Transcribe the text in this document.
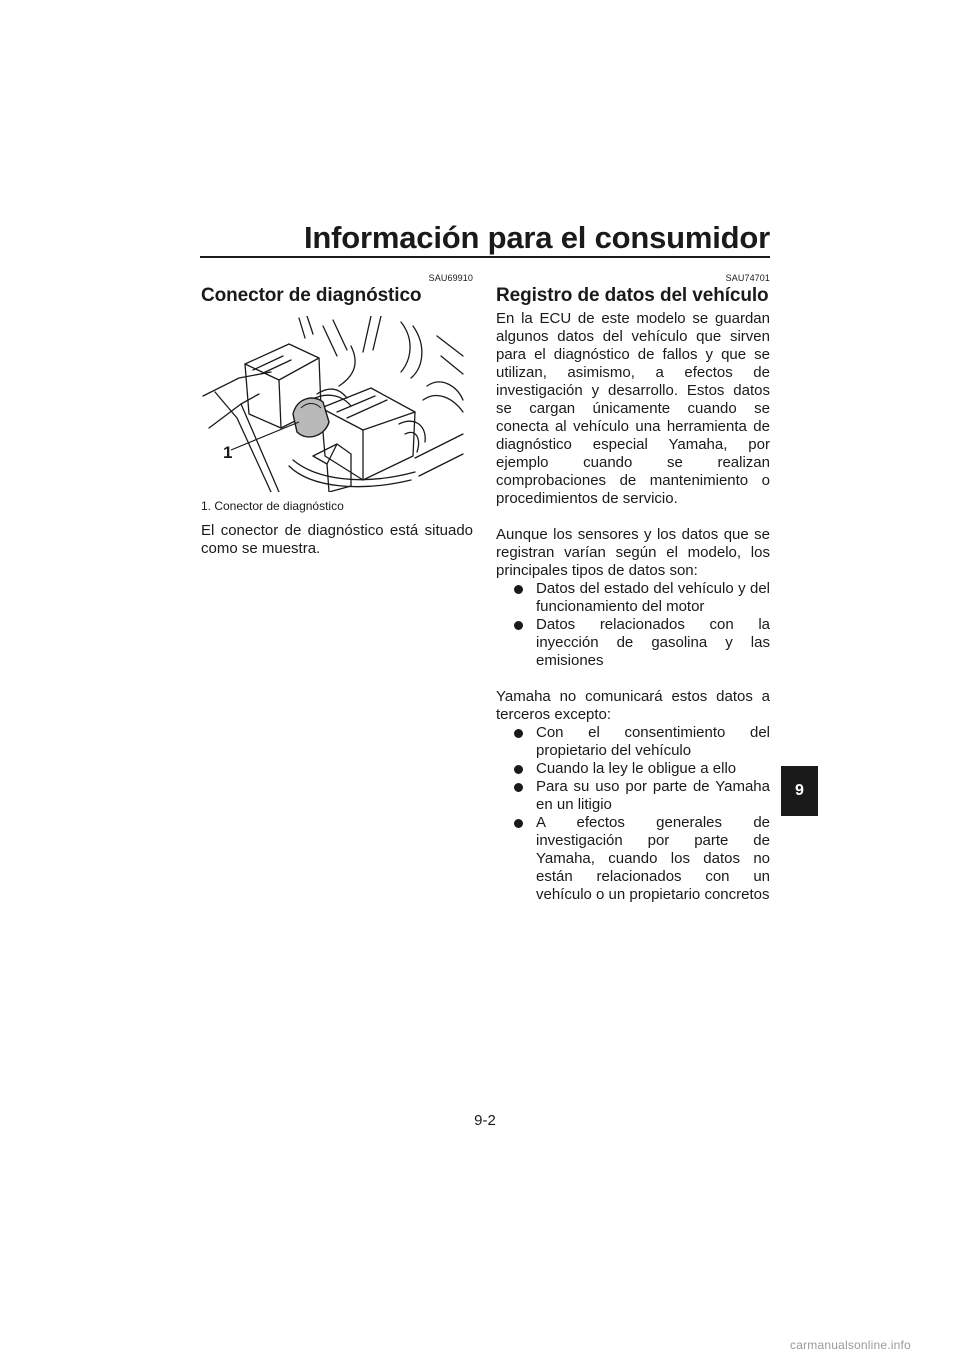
Información para el consumidor

SAU69910

Conector de diagnóstico
1

1. Conector de diagnóstico

El conector de diagnóstico está situado como se muestra.

SAU74701

Registro de datos del vehículo

En la ECU de este modelo se guardan algunos datos del vehículo que sirven para el diagnóstico de fallos y que se utilizan, asimismo, a efectos de investigación y desarrollo. Estos datos se cargan únicamente cuando se conecta al vehículo una herramienta de diagnóstico especial Yamaha, por ejemplo cuando se realizan comprobaciones de mantenimiento o procedimientos de servicio.

Aunque los sensores y los datos que se registran varían según el modelo, los principales tipos de datos son:

Datos del estado del vehículo y del funcionamiento del motor
Datos relacionados con la inyección de gasolina y las emisiones

Yamaha no comunicará estos datos a terceros excepto:

Con el consentimiento del propietario del vehículo
Cuando la ley le obligue a ello
Para su uso por parte de Yamaha en un litigio
A efectos generales de investigación por parte de Yamaha, cuando los datos no están relacionados con un vehículo o un propietario concretos
9
9-2
carmanualsonline.info
